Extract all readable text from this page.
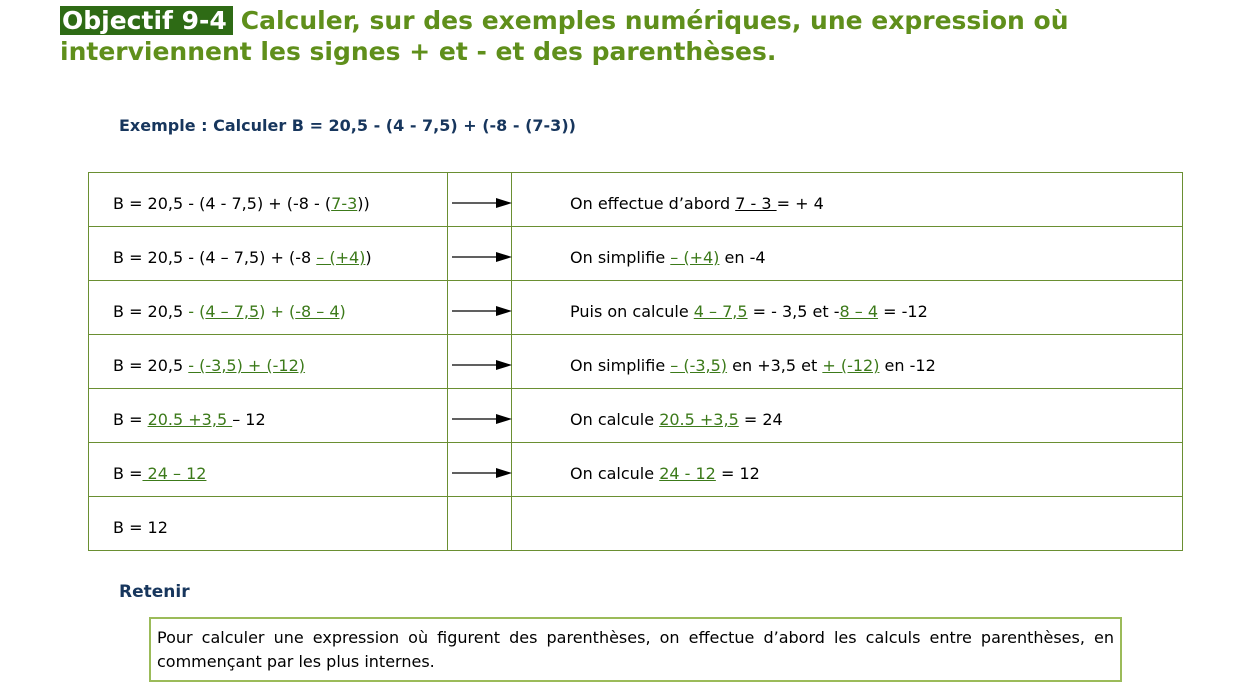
Objectif 9-4 Calculer, sur des exemples numériques, une expression où
interviennent les signes + et - et des parenthèses.
Exemple : Calculer B = 20,5 - (4 - 7,5) + (-8 - (7-3))
B = 20,5 - (4 - 7,5) + (-8 - (7-3))		On effectue d’abord 7 - 3 = + 4
B = 20,5 - (4 – 7,5) + (-8 – (+4))		On simplifie – (+4) en -4
B = 20,5 - (4 – 7,5) + (-8 – 4)		Puis on calcule 4 – 7,5 = - 3,5 et -8 – 4 = -12
B = 20,5 - (-3,5) + (-12)		On simplifie – (-3,5) en +3,5 et + (-12) en -12
B = 20.5 +3,5 – 12		On calcule 20.5 +3,5 = 24
B = 24 – 12		On calcule 24 - 12 = 12
B = 12		
Retenir
Pour calculer une expression où figurent des parenthèses, on effectue d’abord les calculs entre parenthèses, en commençant par les plus internes.
